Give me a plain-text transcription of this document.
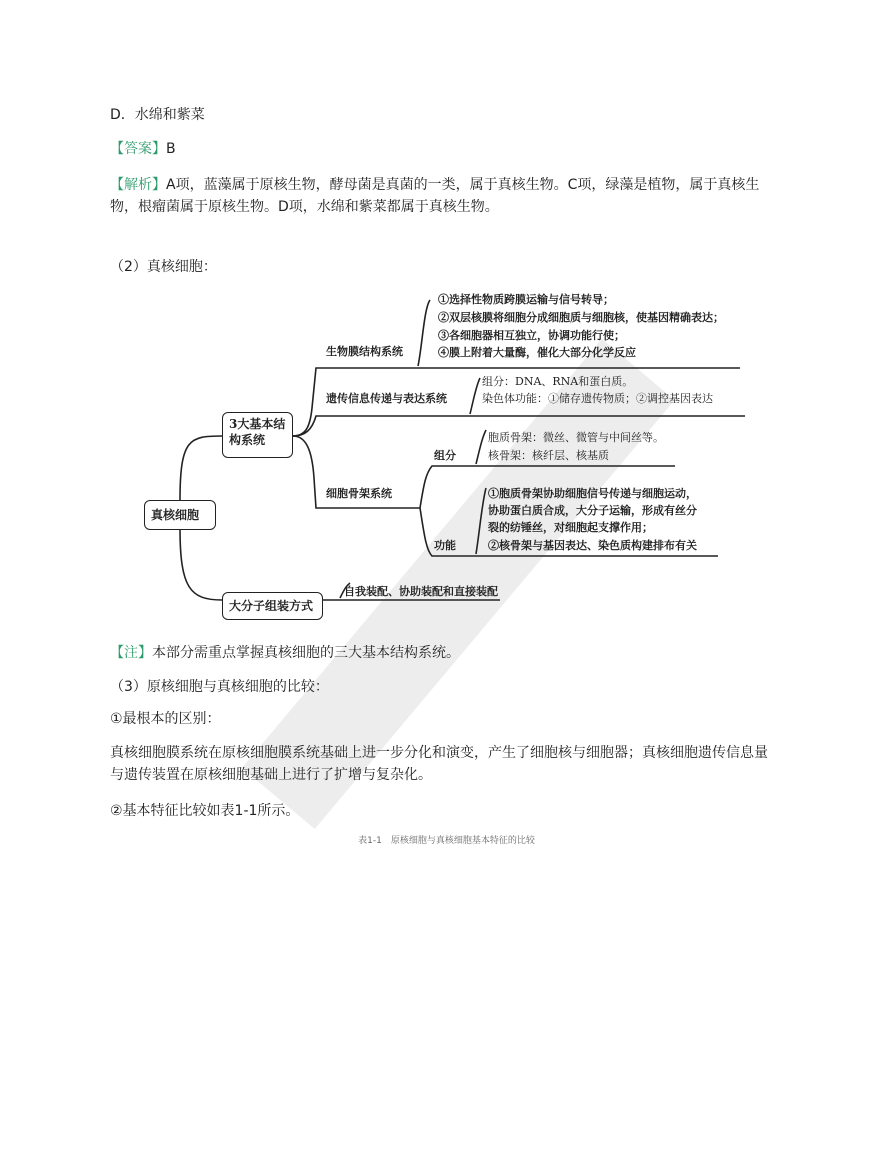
D．水绵和紫菜
【答案】B
【解析】A项，蓝藻属于原核生物，酵母菌是真菌的一类，属于真核生物。C项，绿藻是植物，属于真核生物，根瘤菌属于原核生物。D项，水绵和紫菜都属于真核生物。
（2）真核细胞：
真核细胞
3大基本结构系统
大分子组装方式
生物膜结构系统
①选择性物质跨膜运输与信号转导；
②双层核膜将细胞分成细胞质与细胞核，使基因精确表达；
③各细胞器相互独立，协调功能行使；
④膜上附着大量酶，催化大部分化学反应
遗传信息传递与表达系统
组分：DNA、RNA和蛋白质。
染色体功能：①储存遗传物质；②调控基因表达
细胞骨架系统
组分
胞质骨架：微丝、微管与中间丝等。
核骨架：核纤层、核基质
功能
①胞质骨架协助细胞信号传递与细胞运动，
协助蛋白质合成，大分子运输，形成有丝分
裂的纺锤丝，对细胞起支撑作用；
②核骨架与基因表达、染色质构建排布有关
自我装配、协助装配和直接装配
【注】本部分需重点掌握真核细胞的三大基本结构系统。
（3）原核细胞与真核细胞的比较：
①最根本的区别：
真核细胞膜系统在原核细胞膜系统基础上进一步分化和演变，产生了细胞核与细胞器；真核细胞遗传信息量与遗传装置在原核细胞基础上进行了扩增与复杂化。
②基本特征比较如表1-1所示。
表1-1　原核细胞与真核细胞基本特征的比较
